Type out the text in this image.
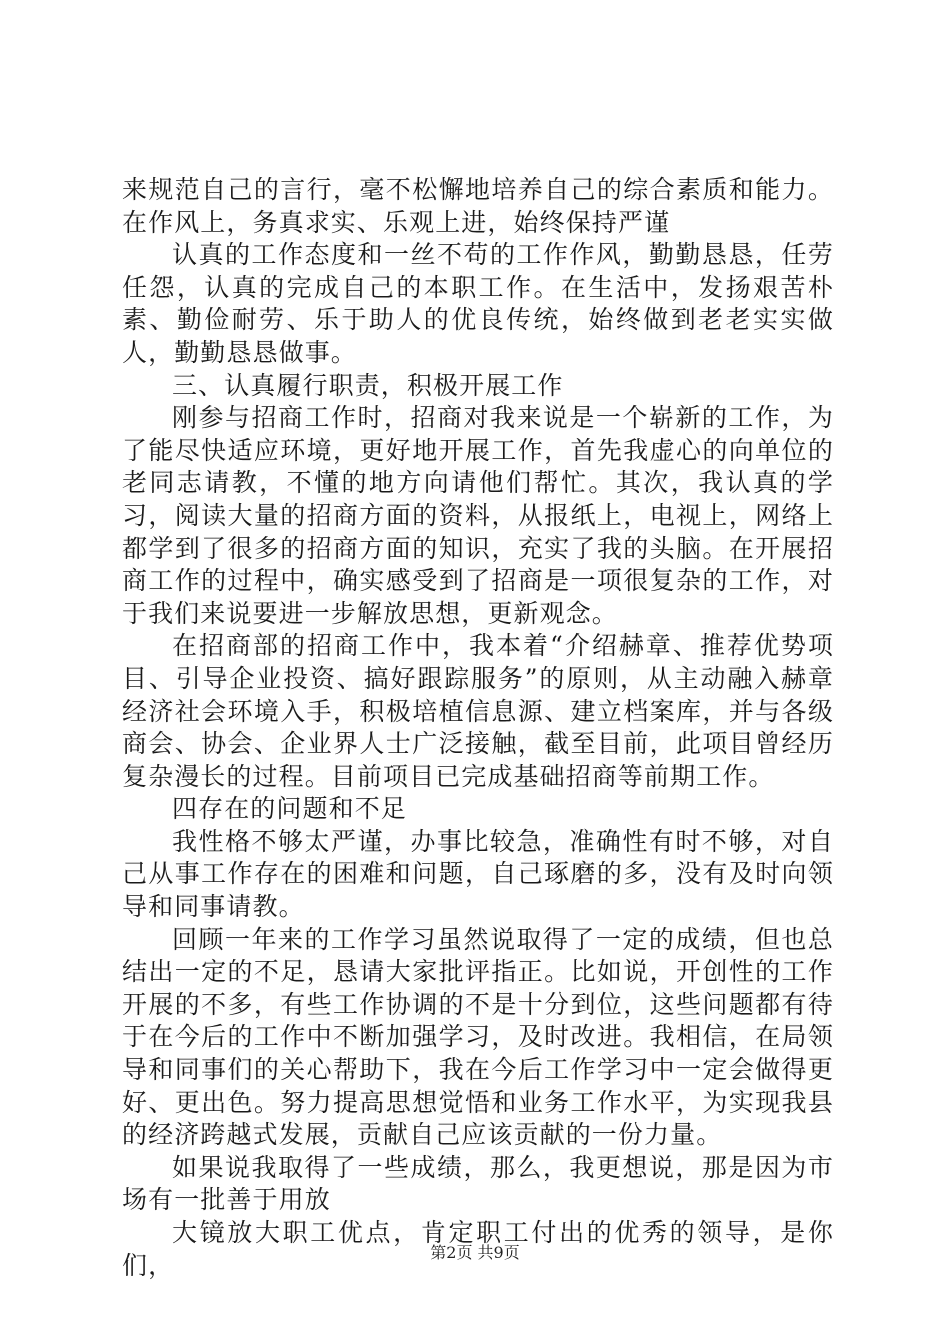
来规范自己的言行，毫不松懈地培养自己的综合素质和能力。在作风上，务真求实、乐观上进，始终保持严谨

认真的工作态度和一丝不苟的工作作风，勤勤恳恳，任劳任怨，认真的完成自己的本职工作。在生活中，发扬艰苦朴素、勤俭耐劳、乐于助人的优良传统，始终做到老老实实做人，勤勤恳恳做事。

三、认真履行职责，积极开展工作

刚参与招商工作时，招商对我来说是一个崭新的工作，为了能尽快适应环境，更好地开展工作，首先我虚心的向单位的老同志请教，不懂的地方向请他们帮忙。其次，我认真的学习，阅读大量的招商方面的资料，从报纸上，电视上，网络上都学到了很多的招商方面的知识，充实了我的头脑。在开展招商工作的过程中，确实感受到了招商是一项很复杂的工作，对于我们来说要进一步解放思想，更新观念。

在招商部的招商工作中，我本着“介绍赫章、推荐优势项目、引导企业投资、搞好跟踪服务”的原则，从主动融入赫章经济社会环境入手，积极培植信息源、建立档案库，并与各级商会、协会、企业界人士广泛接触，截至目前，此项目曾经历复杂漫长的过程。目前项目已完成基础招商等前期工作。

四存在的问题和不足

我性格不够太严谨，办事比较急，准确性有时不够，对自己从事工作存在的困难和问题，自己琢磨的多，没有及时向领导和同事请教。

回顾一年来的工作学习虽然说取得了一定的成绩，但也总结出一定的不足，恳请大家批评指正。比如说，开创性的工作开展的不多，有些工作协调的不是十分到位，这些问题都有待于在今后的工作中不断加强学习，及时改进。我相信，在局领导和同事们的关心帮助下，我在今后工作学习中一定会做得更好、更出色。努力提高思想觉悟和业务工作水平，为实现我县的经济跨越式发展，贡献自己应该贡献的一份力量。

如果说我取得了一些成绩，那么，我更想说，那是因为市场有一批善于用放

大镜放大职工优点，肯定职工付出的优秀的领导，是你们，	第2页 共9页
